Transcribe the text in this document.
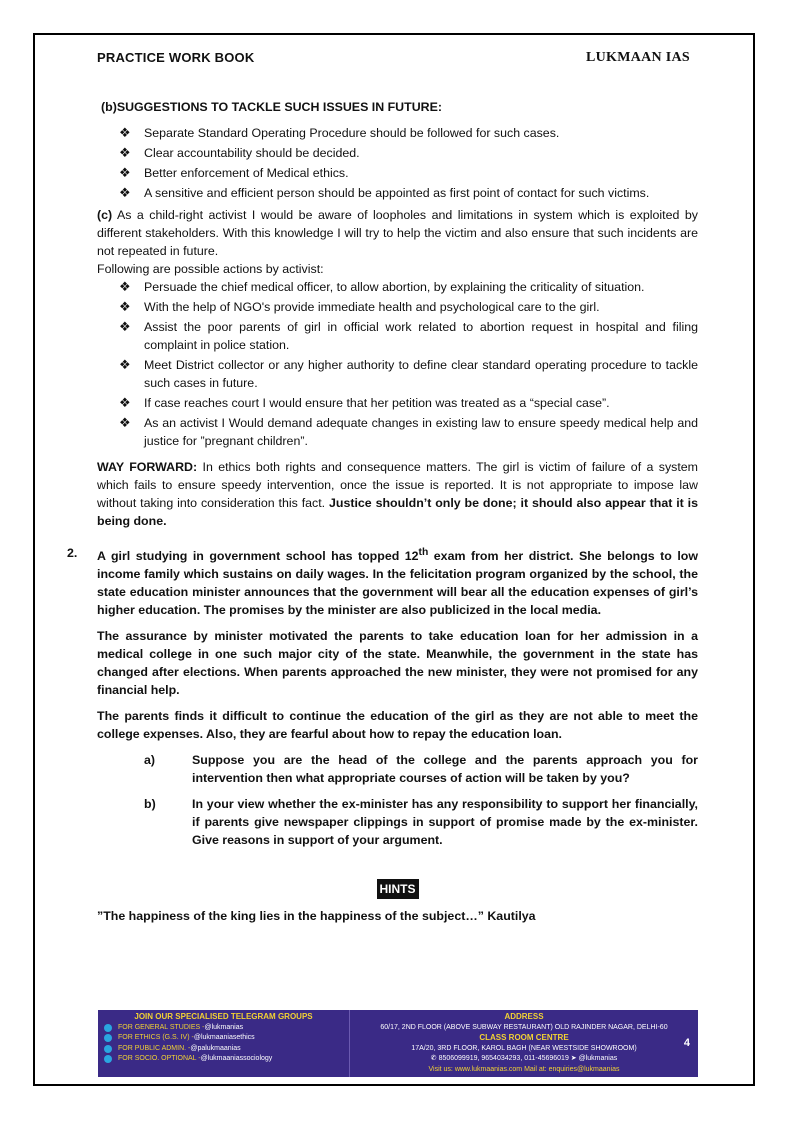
PRACTICE WORK BOOK	LUKMAAN IAS
(b)SUGGESTIONS TO TACKLE SUCH ISSUES IN FUTURE:
❖ Separate Standard Operating Procedure should be followed for such cases.
❖ Clear accountability should be decided.
❖ Better enforcement of Medical ethics.
❖ A sensitive and efficient person should be appointed as first point of contact for such victims.

(c) As a child-right activist I would be aware of loopholes and limitations in system which is exploited by different stakeholders. With this knowledge I will try to help the victim and also ensure that such incidents are not repeated in future.

Following are possible actions by activist:

❖ Persuade the chief medical officer, to allow abortion, by explaining the criticality of situation.
❖ With the help of NGO's provide immediate health and psychological care to the girl.
❖ Assist the poor parents of girl in official work related to abortion request in hospital and filing complaint in police station.
❖ Meet District collector or any higher authority to define clear standard operating procedure to tackle such cases in future.
❖ If case reaches court I would ensure that her petition was treated as a “special case”.
❖ As an activist I Would demand adequate changes in existing law to ensure speedy medical help and justice for ”pregnant children”.

WAY FORWARD: In ethics both rights and consequence matters. The girl is victim of failure of a system which fails to ensure speedy intervention, once the issue is reported. It is not appropriate to impose law without taking into consideration this fact. Justice shouldn’t only be done; it should also appear that it is being done.

2. A girl studying in government school has topped 12th exam from her district. She belongs to low income family which sustains on daily wages. In the felicitation program organized by the school, the state education minister announces that the government will bear all the education expenses of girl’s higher education. The promises by the minister are also publicized in the local media.

The assurance by minister motivated the parents to take education loan for her admission in a medical college in one such major city of the state. Meanwhile, the government in the state has changed after elections. When parents approached the new minister, they were not promised for any financial help.

The parents finds it difficult to continue the education of the girl as they are not able to meet the college expenses. Also, they are fearful about how to repay the education loan.

a)	Suppose you are the head of the college and the parents approach you for intervention then what appropriate courses of action will be taken by you?
b)	In your view whether the ex-minister has any responsibility to support her financially, if parents give newspaper clippings in support of promise made by the ex-minister. Give reasons in support of your argument.
HINTS
”The happiness of the king lies in the happiness of the subject…” Kautilya
JOIN OUR SPECIALISED TELEGRAM GROUPS
FOR GENERAL STUDIES - @lukmanias
FOR ETHICS (G.S. IV) - @lukmaaniasethics
FOR PUBLIC ADMIN. - @palukmaanias
FOR SOCIO. OPTIONAL - @lukmaaniassociology
ADDRESS
60/17, 2ND FLOOR (ABOVE SUBWAY RESTAURANT) OLD RAJINDER NAGAR, DELHI-60
CLASS ROOM CENTRE
17A/20, 3RD FLOOR, KAROL BAGH (NEAR WESTSIDE SHOWROOM)
✆ 8506099919, 9654034293, 011-45696019 ➤ @lukmanias
Visit us: www.lukmaanias.com Mail at: enquiries@lukmaanias
4
